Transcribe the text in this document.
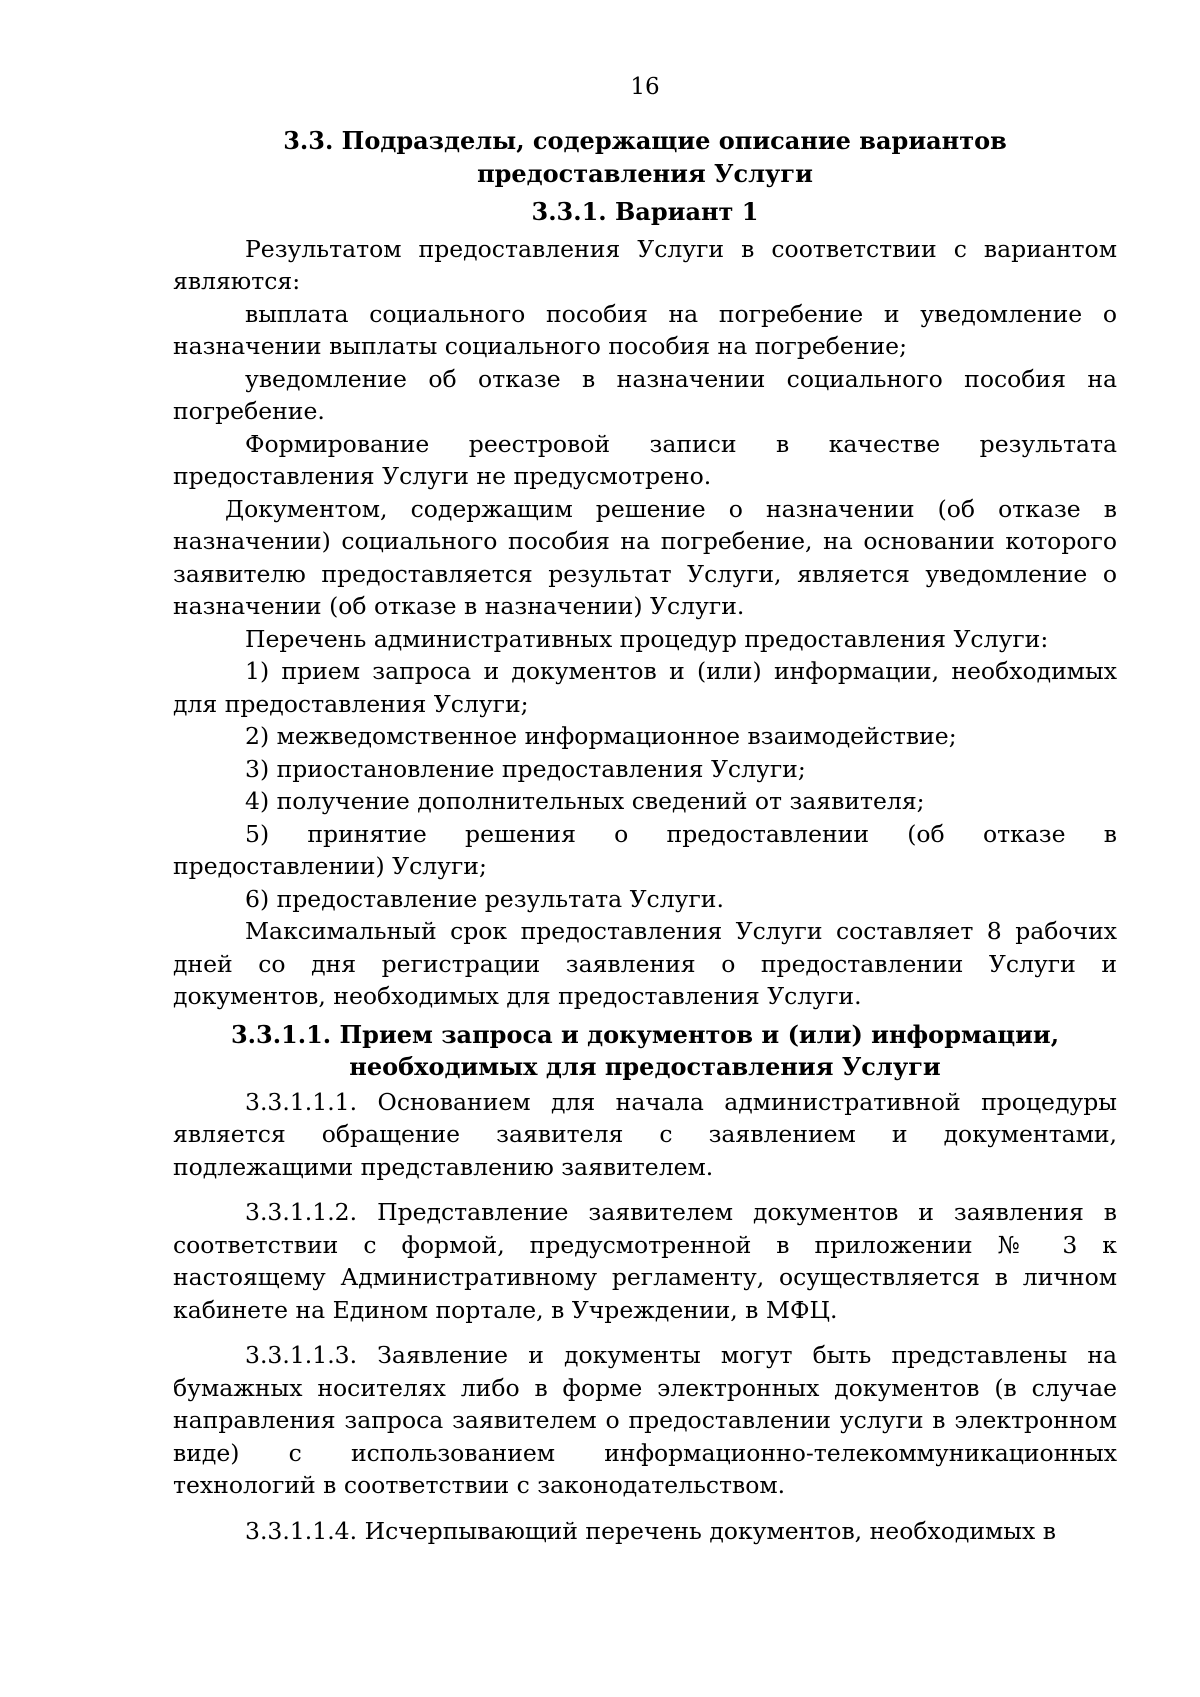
16
3.3. Подразделы, содержащие описание вариантов предоставления Услуги
3.3.1. Вариант 1

Результатом предоставления Услуги в соответствии с вариантом являются:

выплата социального пособия на погребение и уведомление о назначении выплаты социального пособия на погребение;

уведомление об отказе в назначении социального пособия на погребение.

Формирование реестровой записи в качестве результата предоставления Услуги не предусмотрено.

Документом, содержащим решение о назначении (об отказе в назначении) социального пособия на погребение, на основании которого заявителю предоставляется результат Услуги, является уведомление о назначении (об отказе в назначении) Услуги.

Перечень административных процедур предоставления Услуги:

1) прием запроса и документов и (или) информации, необходимых для предоставления Услуги;

2) межведомственное информационное взаимодействие;

3) приостановление предоставления Услуги;

4) получение дополнительных сведений от заявителя;

5) принятие решения о предоставлении (об отказе в предоставлении) Услуги;

6) предоставление результата Услуги.

Максимальный срок предоставления Услуги составляет 8 рабочих дней со дня регистрации заявления о предоставлении Услуги и документов, необходимых для предоставления Услуги.

3.3.1.1. Прием запроса и документов и (или) информации, необходимых для предоставления Услуги

3.3.1.1.1. Основанием для начала административной процедуры является обращение заявителя с заявлением и документами, подлежащими представлению заявителем.

3.3.1.1.2. Представление заявителем документов и заявления в соответствии с формой, предусмотренной в приложении № 3 к настоящему Административному регламенту, осуществляется в личном кабинете на Едином портале, в Учреждении, в МФЦ.

3.3.1.1.3. Заявление и документы могут быть представлены на бумажных носителях либо в форме электронных документов (в случае направления запроса заявителем о предоставлении услуги в электронном виде) с использованием информационно-телекоммуникационных технологий в соответствии с законодательством.

3.3.1.1.4. Исчерпывающий перечень документов, необходимых в
